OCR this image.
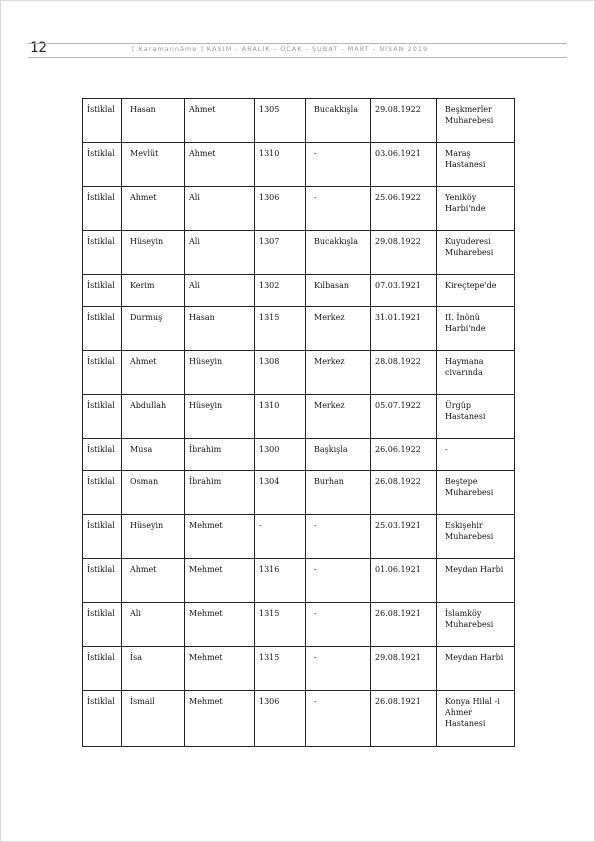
12	[ Karamannâme ] KASIM - ARALIK - OCAK - ŞUBAT - MART - NİSAN 2019
İstiklal	Hasan	Ahmet	1305	Bucakkışla	29.08.1922	Beşkmerler Muharebesi
İstiklal	Mevlüt	Ahmet	1310	-	03.06.1921	Maraş Hastanesi
İstiklal	Ahmet	Ali	1306	-	25.06.1922	Yeniköy Harbi'nde
İstiklal	Hüseyin	Ali	1307	Bucakkışla	29.08.1922	Kuyuderesi Muharebesi
İstiklal	Kerim	Ali	1302	Kılbasan	07.03.1921	Kireçtepe'de
İstiklal	Durmuş	Hasan	1315	Merkez	31.01.1921	II. İnönü Harbi'nde
İstiklal	Ahmet	Hüseyin	1308	Merkez	28.08.1922	Haymana civarında
İstiklal	Abdullah	Hüseyin	1310	Merkez	05.07.1922	Ürgüp Hastanesi
İstiklal	Musa	İbrahim	1300	Başkışla	26.06.1922	-
İstiklal	Osman	İbrahim	1304	Burhan	26.08.1922	Beştepe Muharebesi
İstiklal	Hüseyin	Mehmet	-	-	25.03.1921	Eskişehir Muharebesi
İstiklal	Ahmet	Mehmet	1316	-	01.06.1921	Meydan Harbi
İstiklal	Ali	Mehmet	1315	-	26.08.1921	İslamköy Muharebesi
İstiklal	İsa	Mehmet	1315	-	29.08.1921	Meydan Harbi
İstiklal	İsmail	Mehmet	1306	-	26.08.1921	Konya Hilal -i Ahmer Hastanesi
